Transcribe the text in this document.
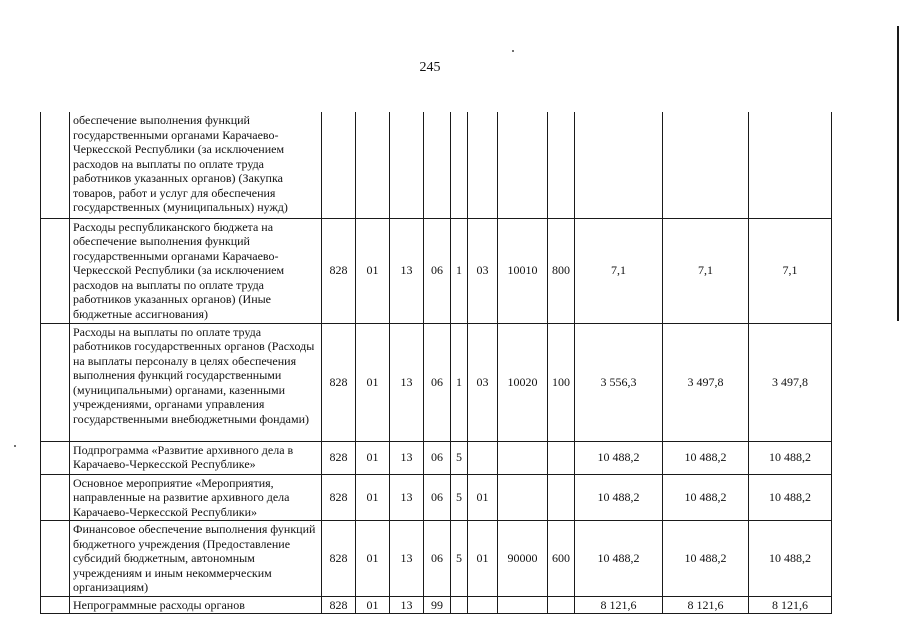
245
	обеспечение выполнения функций государственными органами Карачаево-Черкесской Республики (за исключением расходов на выплаты по оплате труда работников указанных органов) (Закупка товаров, работ и услуг для обеспечения государственных (муниципальных) нужд)											
	Расходы республиканского бюджета на обеспечение выполнения функций государственными органами Карачаево-Черкесской Республики (за исключением расходов на выплаты по оплате труда работников указанных органов) (Иные бюджетные ассигнования)	828	01	13	06	1	03	10010	800	7,1	7,1	7,1
	Расходы на выплаты по оплате труда работников государственных органов (Расходы на выплаты персоналу в целях обеспечения выполнения функций государственными (муниципальными) органами, казенными учреждениями, органами управления государственными внебюджетными фондами)	828	01	13	06	1	03	10020	100	3 556,3	3 497,8	3 497,8
	Подпрограмма «Развитие архивного дела в Карачаево-Черкесской Республике»	828	01	13	06	5				10 488,2	10 488,2	10 488,2
	Основное мероприятие «Мероприятия, направленные на развитие архивного дела Карачаево-Черкесской Республики»	828	01	13	06	5	01			10 488,2	10 488,2	10 488,2
	Финансовое обеспечение выполнения функций бюджетного учреждения (Предоставление субсидий бюджетным, автономным учреждениям и иным некоммерческим организациям)	828	01	13	06	5	01	90000	600	10 488,2	10 488,2	10 488,2
	Непрограммные расходы органов	828	01	13	99					8 121,6	8 121,6	8 121,6
